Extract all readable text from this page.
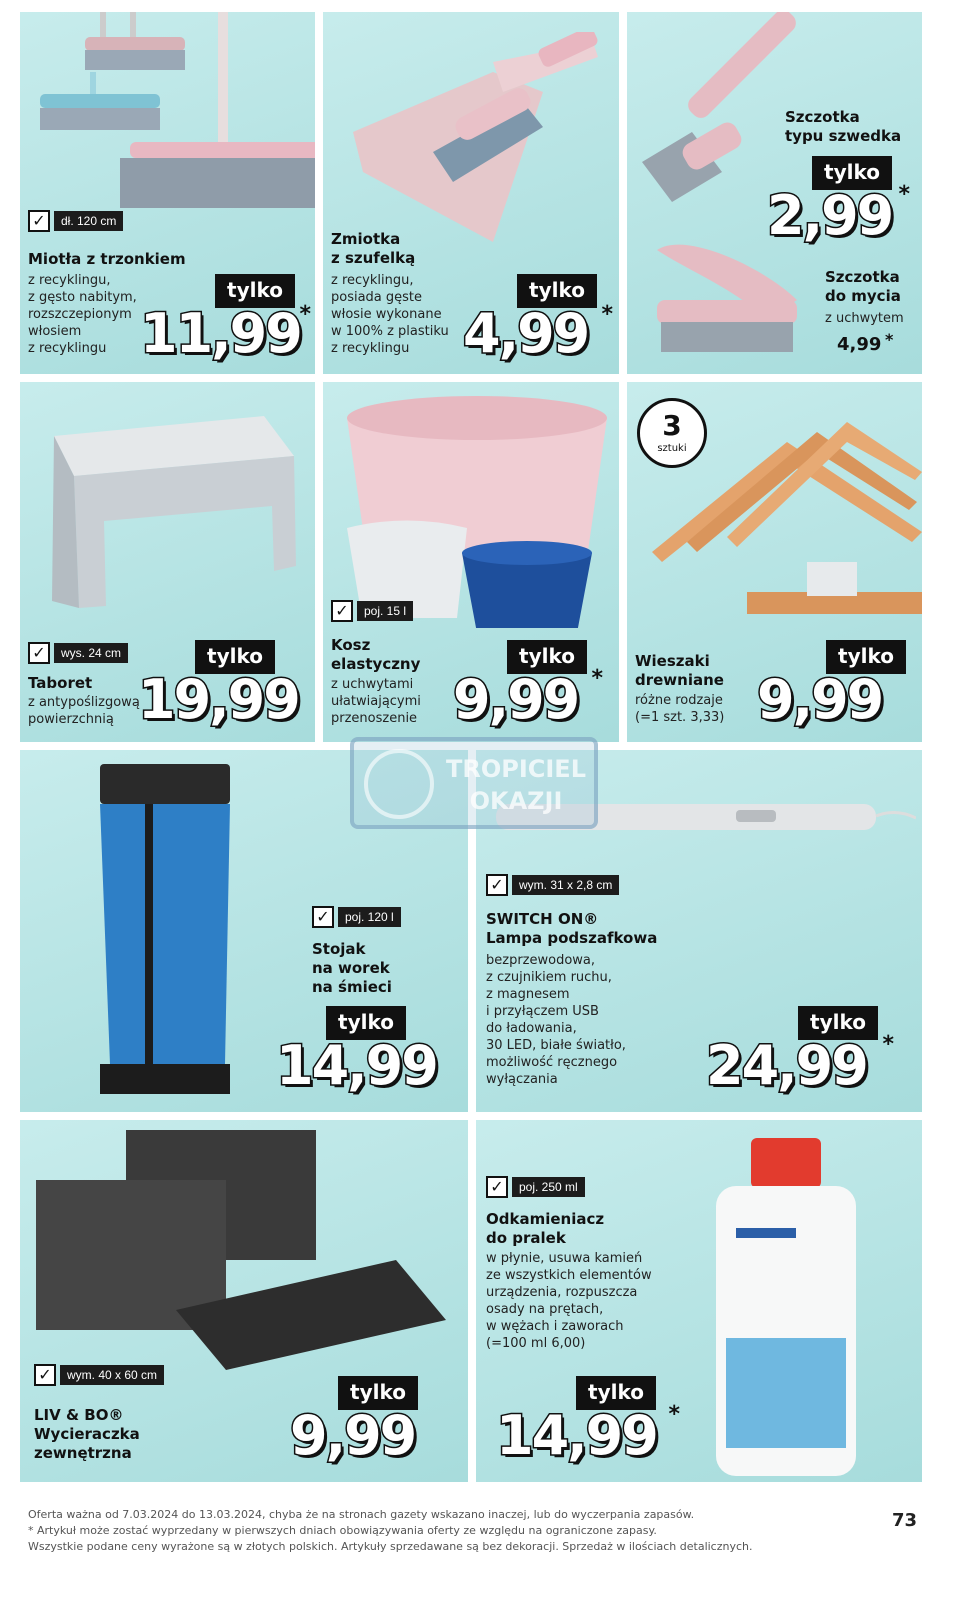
✓	dł. 120 cm
Miotła z trzonkiem
z recyklingu,
z gęsto nabitym,
rozszczepionym
włosiem
z recyklingu
tylko
11,99
*
Zmiotka
z szufelką
z recyklingu,
posiada gęste
włosie wykonane
w 100% z plastiku
z recyklingu
tylko
4,99 *
Szczotka
typu szwedka
tylko
2,99 *
Szczotka
do mycia
z uchwytem
4,99 *
✓	wys. 24 cm
Taboret
z antypoślizgową
powierzchnią
tylko
19,99
✓	poj. 15 l
Kosz
elastyczny
z uchwytami
ułatwiającymi
przenoszenie
tylko
9,99 *
3
sztuki
Wieszaki
drewniane
różne rodzaje
(=1 szt. 3,33)
tylko
9,99
✓	poj. 120 l
Stojak
na worek
na śmieci
tylko
14,99
✓	wym. 31 x 2,8 cm
SWITCH ON®
Lampa podszafkowa
bezprzewodowa,
z czujnikiem ruchu,
z magnesem
i przyłączem USB
do ładowania,
30 LED, białe światło,
możliwość ręcznego
wyłączania
tylko
24,99 *
✓	wym. 40 x 60 cm
LIV & BO®
Wycieraczka
zewnętrzna
tylko
9,99
✓	poj. 250 ml
Odkamieniacz
do pralek
w płynie, usuwa kamień
ze wszystkich elementów
urządzenia, rozpuszcza
osady na prętach,
w wężach i zaworach
(=100 ml 6,00)
tylko
14,99 *
TROPICIEL
OKAZJI
Oferta ważna od 7.03.2024 do 13.03.2024, chyba że na stronach gazety wskazano inaczej, lub do wyczerpania zapasów.
* Artykuł może zostać wyprzedany w pierwszych dniach obowiązywania oferty ze względu na ograniczone zapasy.
Wszystkie podane ceny wyrażone są w złotych polskich. Artykuły sprzedawane są bez dekoracji. Sprzedaż w ilościach detalicznych.
73
